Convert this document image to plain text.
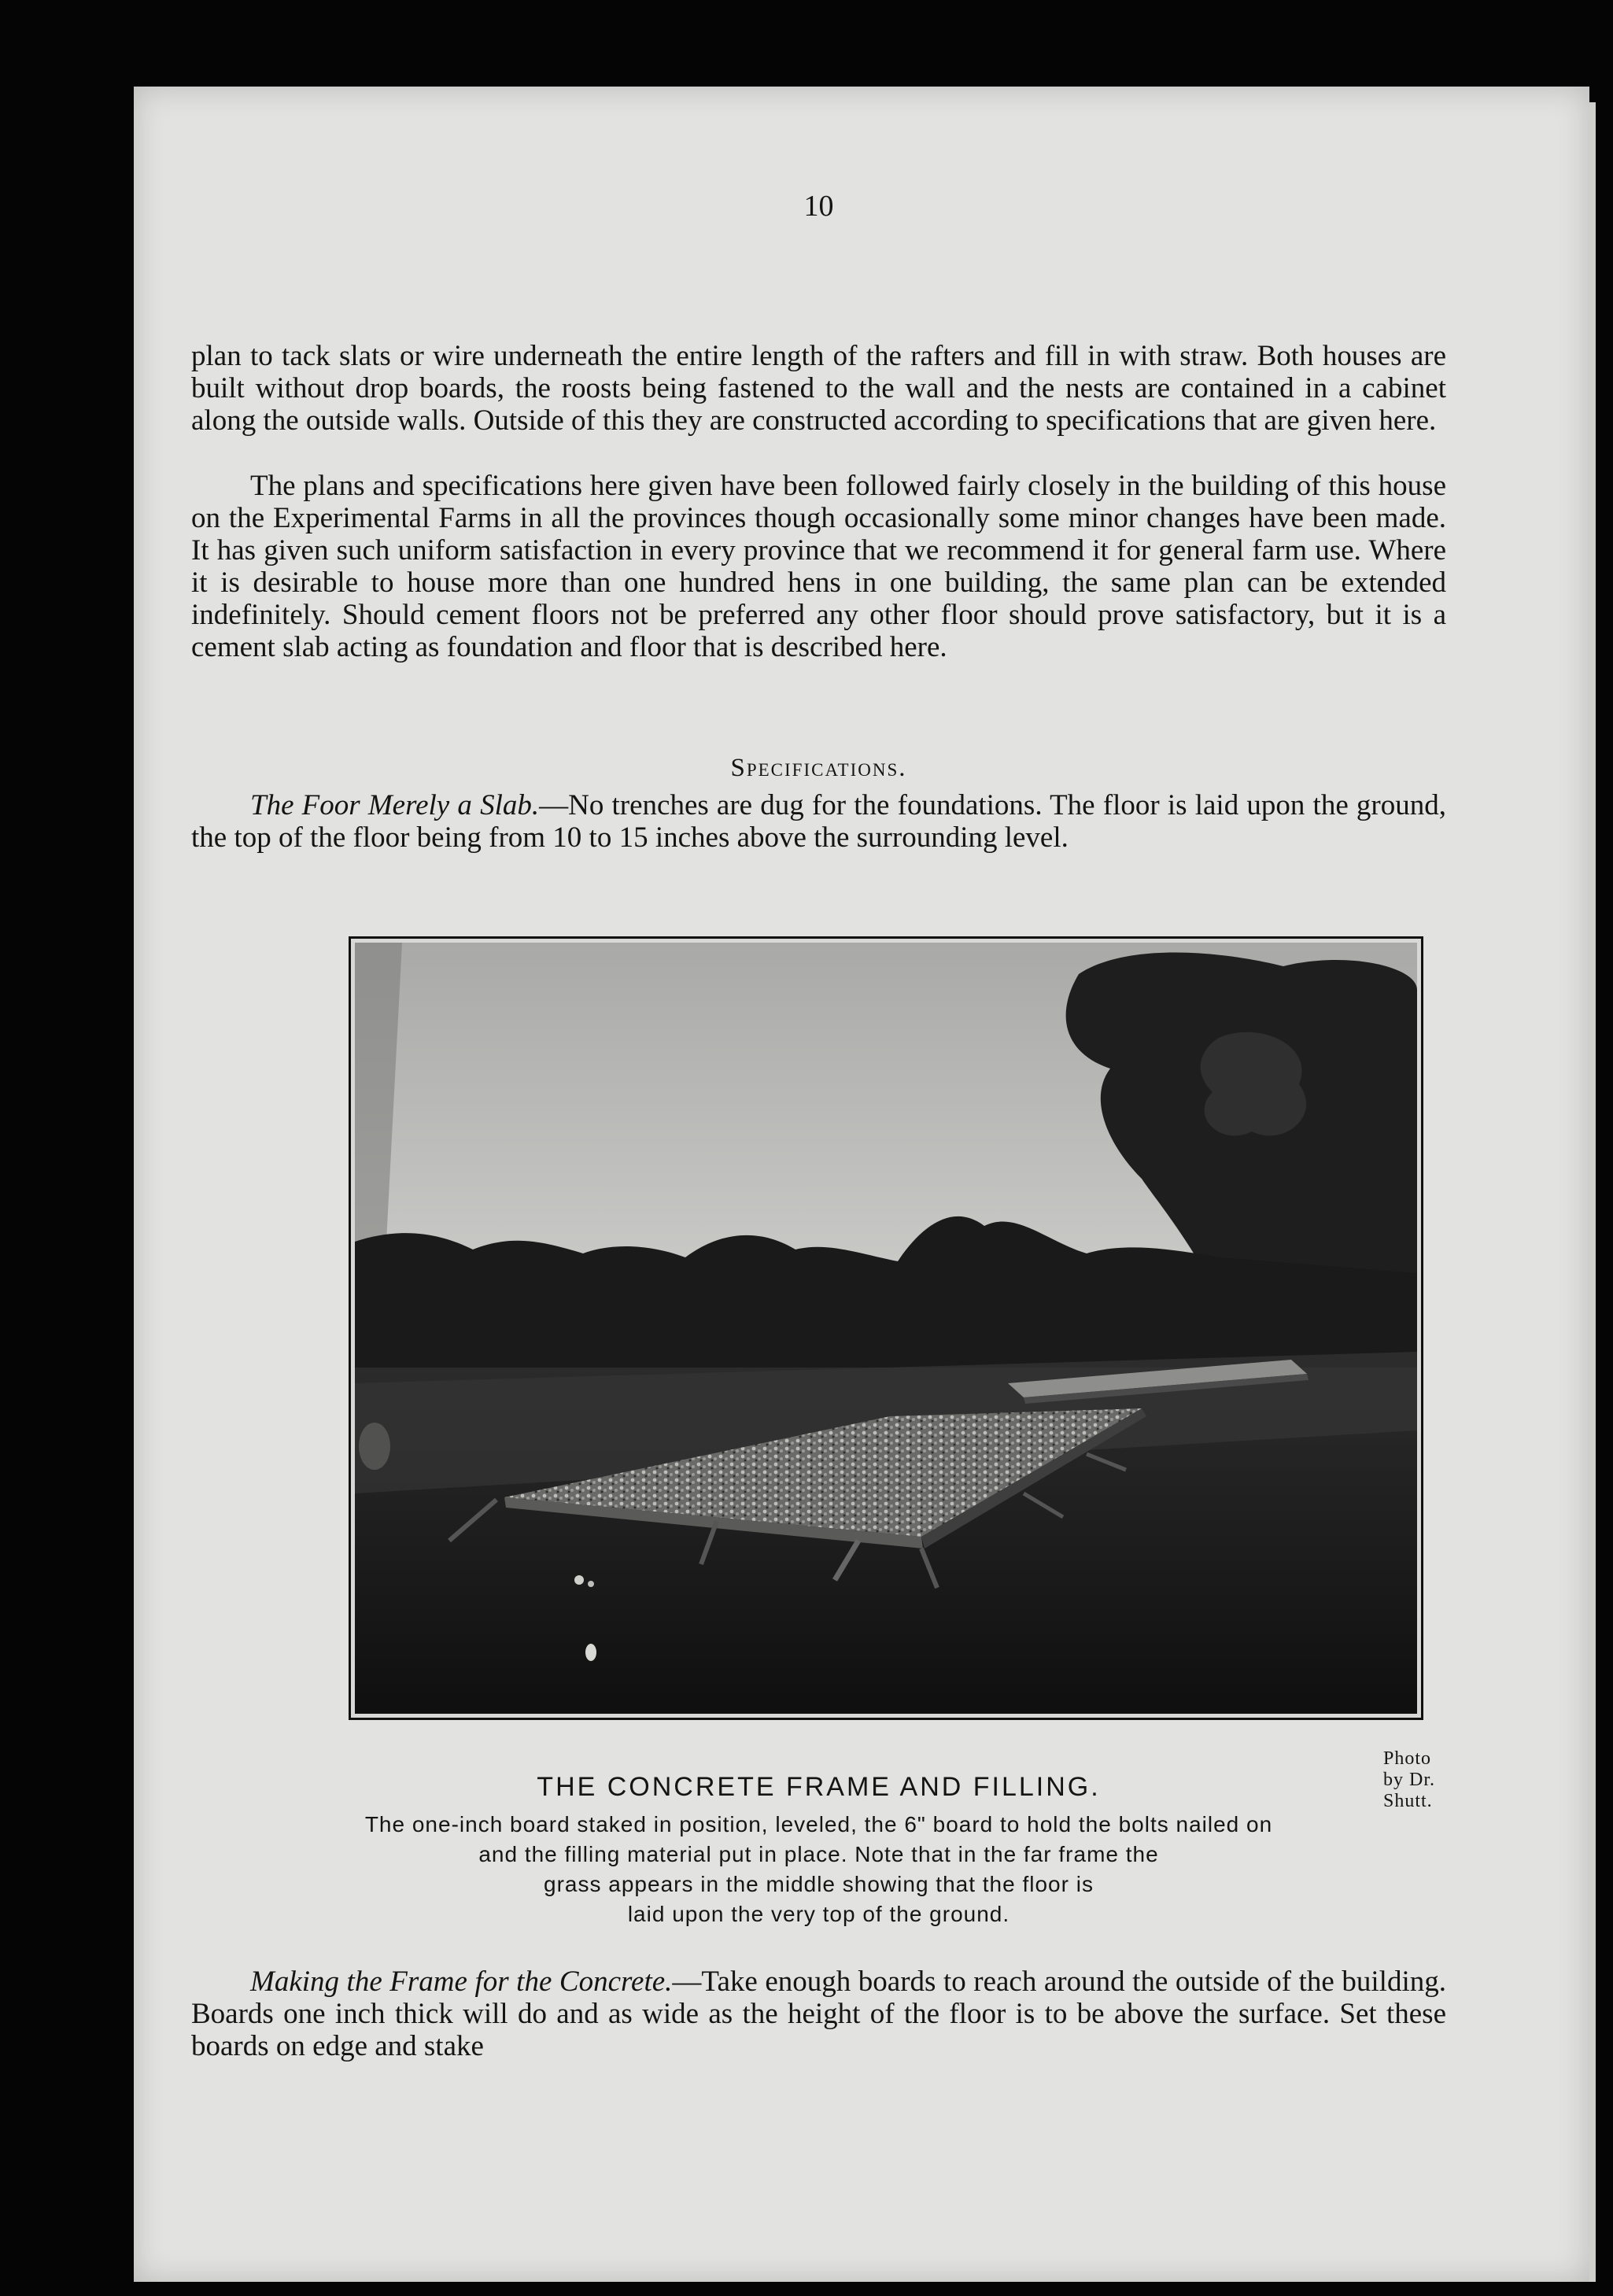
10

plan to tack slats or wire underneath the entire length of the rafters and fill in with straw. Both houses are built without drop boards, the roosts being fastened to the wall and the nests are contained in a cabinet along the outside walls. Outside of this they are constructed according to specifications that are given here.

The plans and specifications here given have been followed fairly closely in the building of this house on the Experimental Farms in all the provinces though occasionally some minor changes have been made. It has given such uniform satisfaction in every province that we recommend it for general farm use. Where it is desirable to house more than one hundred hens in one building, the same plan can be extended indefinitely. Should cement floors not be preferred any other floor should prove satisfactory, but it is a cement slab acting as foundation and floor that is described here.

Specifications.

The Foor Merely a Slab.—No trenches are dug for the foundations. The floor is laid upon the ground, the top of the floor being from 10 to 15 inches above the surrounding level.

Photo by Dr. Shutt.
THE CONCRETE FRAME AND FILLING.
The one-inch board staked in position, leveled, the 6" board to hold the bolts nailed on
and the filling material put in place. Note that in the far frame the
grass appears in the middle showing that the floor is
laid upon the very top of the ground.

Making the Frame for the Concrete.—Take enough boards to reach around the outside of the building. Boards one inch thick will do and as wide as the height of the floor is to be above the surface. Set these boards on edge and stake
